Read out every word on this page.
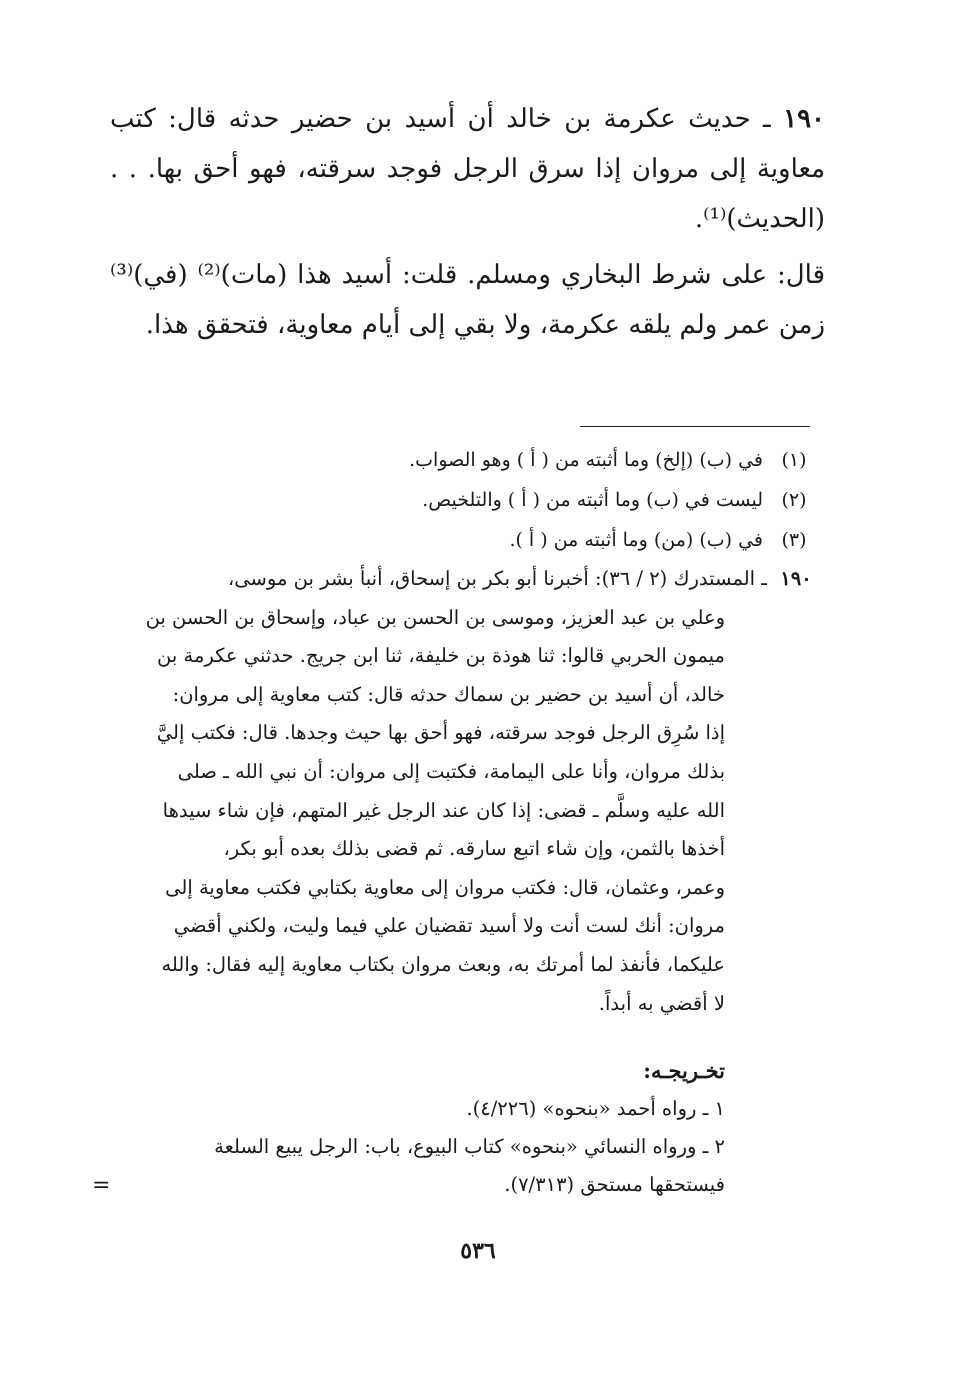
١٩٠ ـ حديث عكرمة بن خالد أن أسيد بن حضير حدثه قال: كتب معاوية إلى مروان إذا سرق الرجل فوجد سرقته، فهو أحق بها. . . (الحديث)⁽¹⁾.

قال: على شرط البخاري ومسلم. قلت: أسيد هذا (مات)⁽²⁾ (في)⁽³⁾ زمن عمر ولم يلقه عكرمة، ولا بقي إلى أيام معاوية، فتحقق هذا.

(١)
في (ب) (إلخ) وما أثبته من ( أ ) وهو الصواب.
(٢)
ليست في (ب) وما أثبته من ( أ ) والتلخيص.
(٣)
في (ب) (من) وما أثبته من ( أ ).
١٩٠ـ المستدرك (٢ / ٣٦): أخبرنا أبو بكر بن إسحاق، أنبأ بشر بن موسى،
وعلي بن عبد العزيز، وموسى بن الحسن بن عباد، وإسحاق بن الحسن بن
ميمون الحربي قالوا: ثنا هوذة بن خليفة، ثنا ابن جريج. حدثني عكرمة بن
خالد، أن أسيد بن حضير بن سماك حدثه قال: كتب معاوية إلى مروان:
إذا سُرِق الرجل فوجد سرقته، فهو أحق بها حيث وجدها. قال: فكتب إليَّ
بذلك مروان، وأنا على اليمامة، فكتبت إلى مروان: أن نبي الله ـ صلى
الله عليه وسلَّم ـ قضى: إذا كان عند الرجل غير المتهم، فإن شاء سيدها
أخذها بالثمن، وإن شاء اتبع سارقه. ثم قضى بذلك بعده أبو بكر،
وعمر، وعثمان، قال: فكتب مروان إلى معاوية بكتابي فكتب معاوية إلى
مروان: أنك لست أنت ولا أسيد تقضيان علي فيما وليت، ولكني أقضي
عليكما، فأنفذ لما أمرتك به، وبعث مروان بكتاب معاوية إليه فقال: والله
لا أقضي به أبداً.
تخـريجـه:
١ ـ رواه أحمد «بنحوه» (٤/٢٢٦).
٢ ـ ورواه النسائي «بنحوه» كتاب البيوع، باب: الرجل يبيع السلعة
فيستحقها مستحق (٧/٣١٣).
=
٥٣٦
